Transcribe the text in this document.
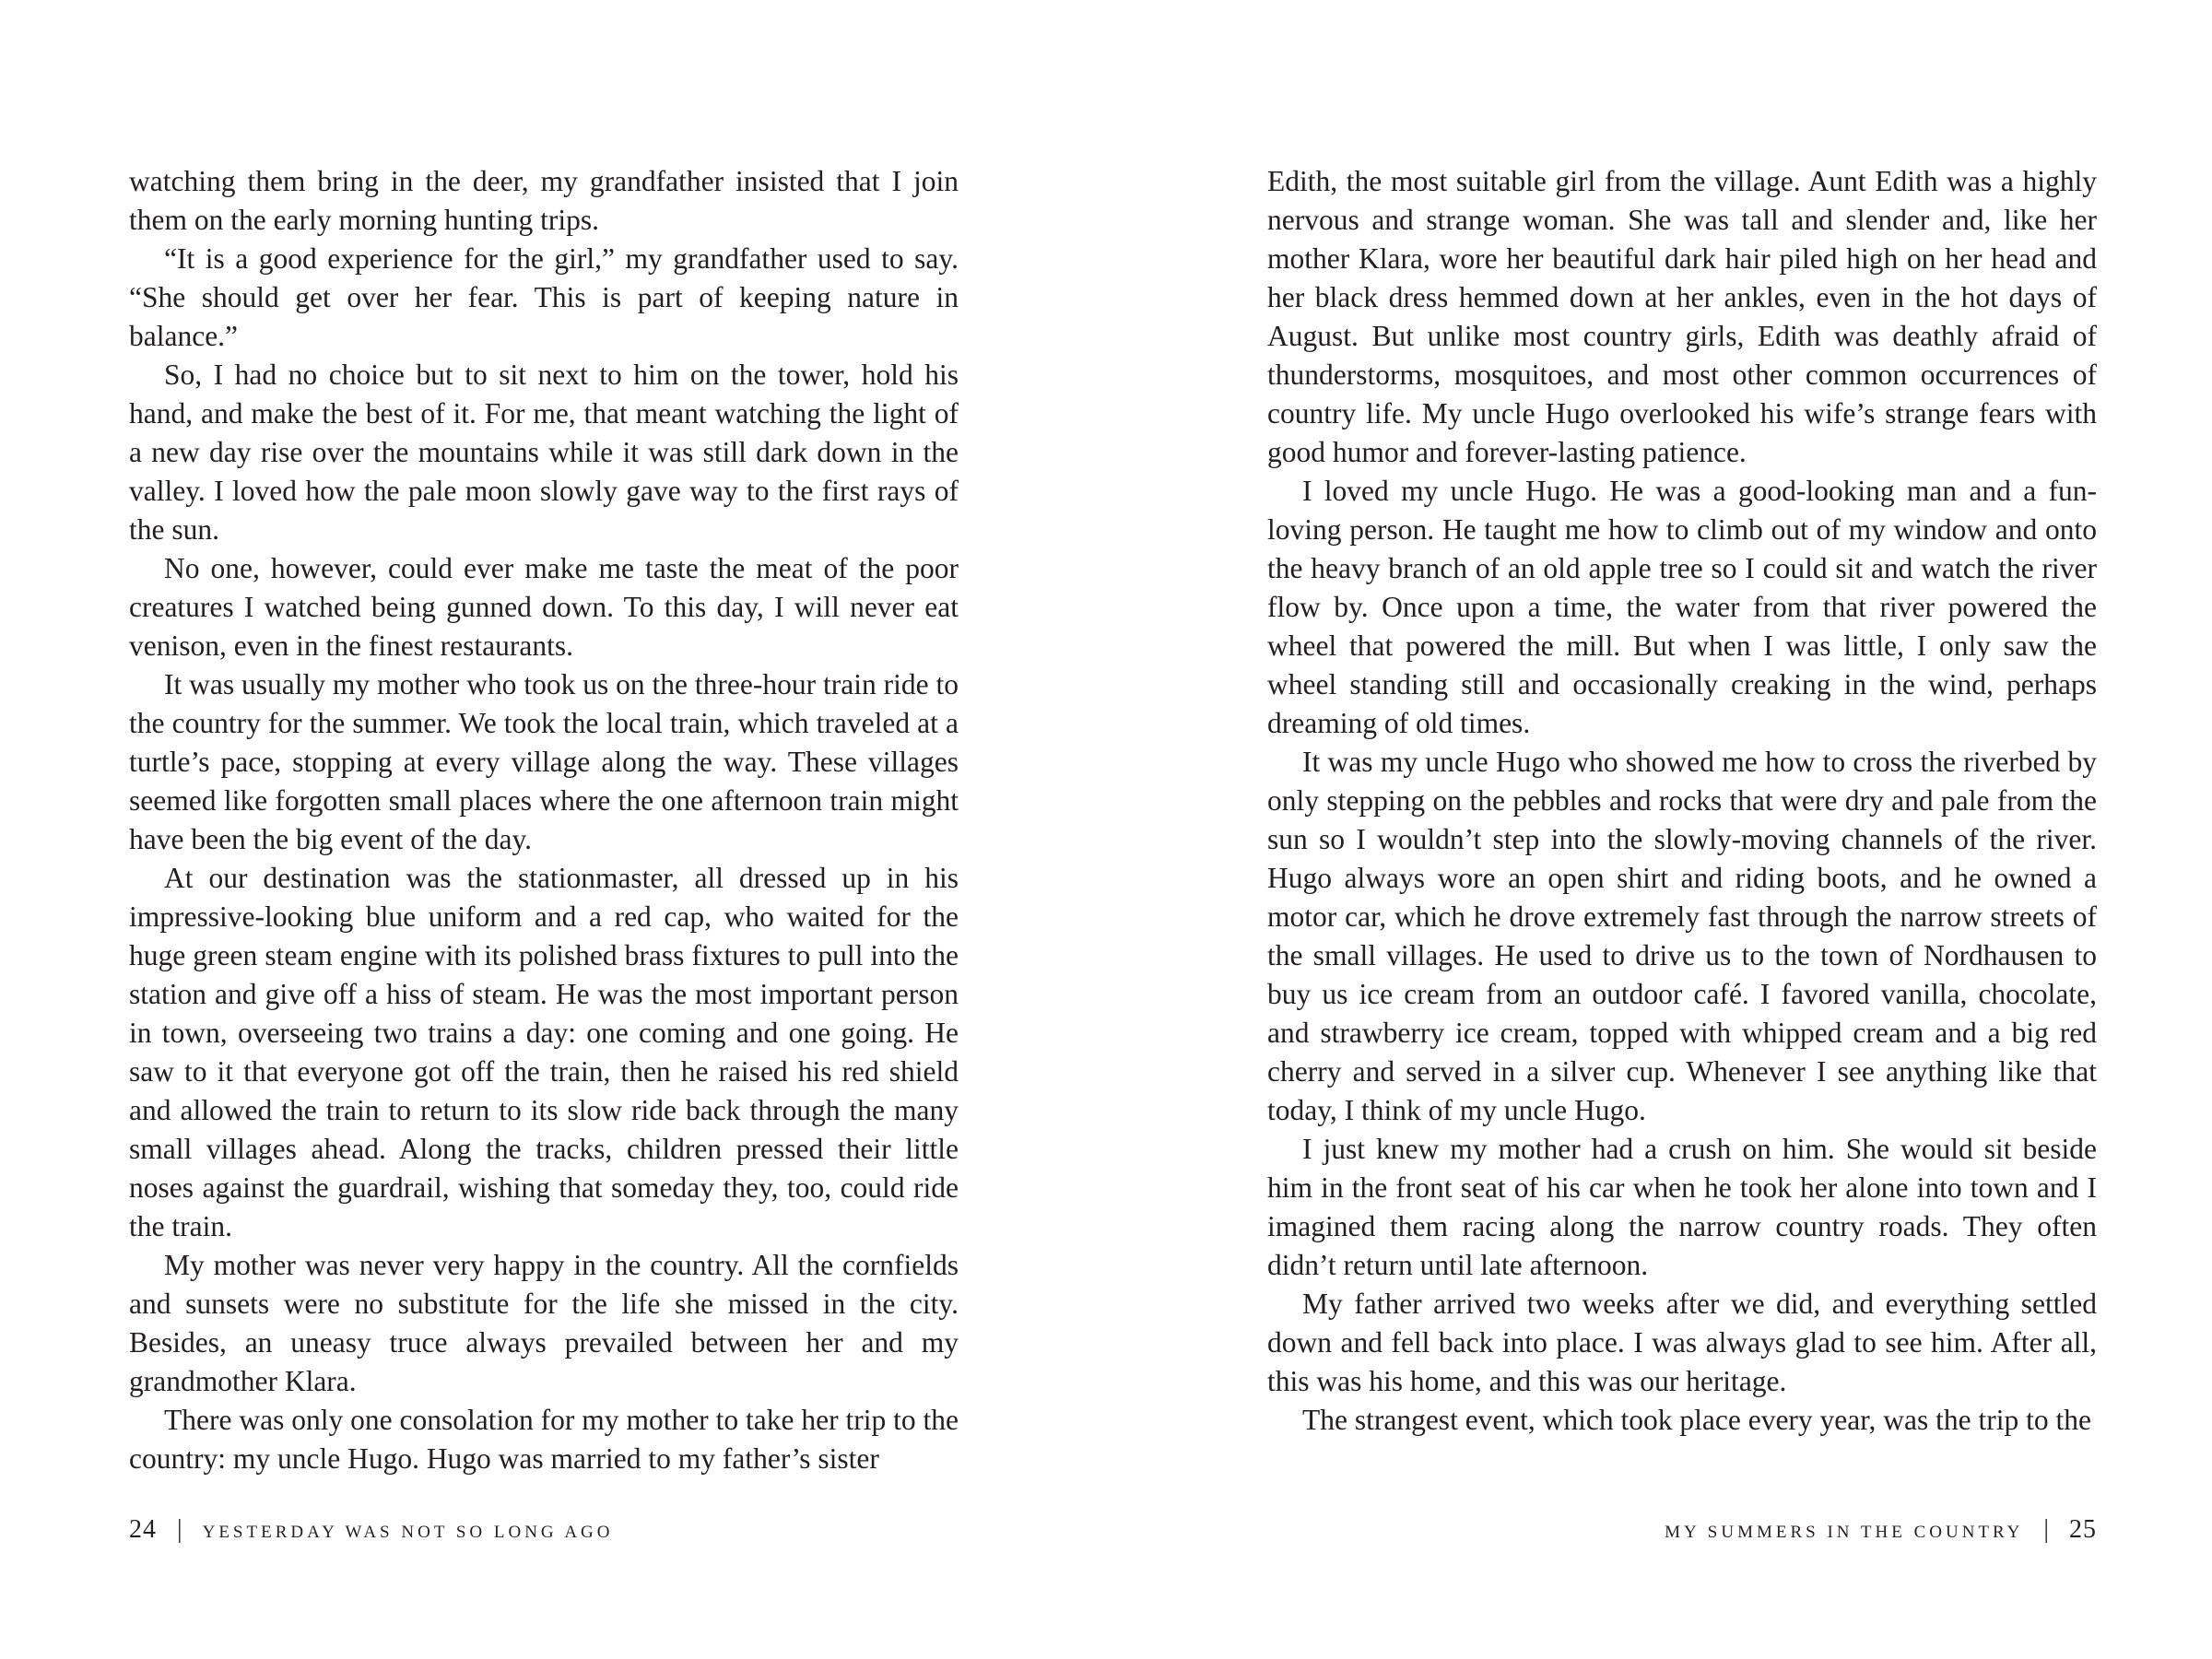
watching them bring in the deer, my grandfather insisted that I join them on the early morning hunting trips.

“It is a good experience for the girl,” my grandfather used to say. “She should get over her fear. This is part of keeping nature in balance.”

So, I had no choice but to sit next to him on the tower, hold his hand, and make the best of it. For me, that meant watching the light of a new day rise over the mountains while it was still dark down in the valley. I loved how the pale moon slowly gave way to the first rays of the sun.

No one, however, could ever make me taste the meat of the poor creatures I watched being gunned down. To this day, I will never eat venison, even in the finest restaurants.

It was usually my mother who took us on the three-hour train ride to the country for the summer. We took the local train, which traveled at a turtle’s pace, stopping at every village along the way. These villages seemed like forgotten small places where the one afternoon train might have been the big event of the day.

At our destination was the stationmaster, all dressed up in his impressive-looking blue uniform and a red cap, who waited for the huge green steam engine with its polished brass fixtures to pull into the station and give off a hiss of steam. He was the most important person in town, overseeing two trains a day: one coming and one going. He saw to it that everyone got off the train, then he raised his red shield and allowed the train to return to its slow ride back through the many small villages ahead. Along the tracks, children pressed their little noses against the guardrail, wishing that someday they, too, could ride the train.

My mother was never very happy in the country. All the cornfields and sunsets were no substitute for the life she missed in the city. Besides, an uneasy truce always prevailed between her and my grandmother Klara.

There was only one consolation for my mother to take her trip to the country: my uncle Hugo. Hugo was married to my father’s sister

24 | YESTERDAY WAS NOT SO LONG AGO

Edith, the most suitable girl from the village. Aunt Edith was a highly nervous and strange woman. She was tall and slender and, like her mother Klara, wore her beautiful dark hair piled high on her head and her black dress hemmed down at her ankles, even in the hot days of August. But unlike most country girls, Edith was deathly afraid of thunderstorms, mosquitoes, and most other common occurrences of country life. My uncle Hugo overlooked his wife’s strange fears with good humor and forever-lasting patience.

I loved my uncle Hugo. He was a good-looking man and a fun-loving person. He taught me how to climb out of my window and onto the heavy branch of an old apple tree so I could sit and watch the river flow by. Once upon a time, the water from that river powered the wheel that powered the mill. But when I was little, I only saw the wheel standing still and occasionally creaking in the wind, perhaps dreaming of old times.

It was my uncle Hugo who showed me how to cross the riverbed by only stepping on the pebbles and rocks that were dry and pale from the sun so I wouldn’t step into the slowly-moving channels of the river. Hugo always wore an open shirt and riding boots, and he owned a motor car, which he drove extremely fast through the narrow streets of the small villages. He used to drive us to the town of Nordhausen to buy us ice cream from an outdoor café. I favored vanilla, chocolate, and strawberry ice cream, topped with whipped cream and a big red cherry and served in a silver cup. Whenever I see anything like that today, I think of my uncle Hugo.

I just knew my mother had a crush on him. She would sit beside him in the front seat of his car when he took her alone into town and I imagined them racing along the narrow country roads. They often didn’t return until late afternoon.

My father arrived two weeks after we did, and everything settled down and fell back into place. I was always glad to see him. After all, this was his home, and this was our heritage.

The strangest event, which took place every year, was the trip to the

MY SUMMERS IN THE COUNTRY | 25
